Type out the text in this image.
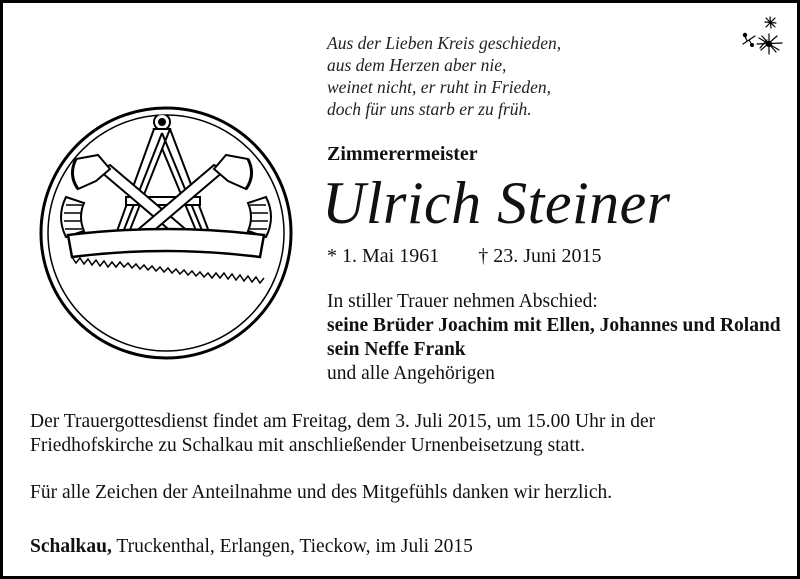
Aus der Lieben Kreis geschieden,
aus dem Herzen aber nie,
weinet nicht, er ruht in Frieden,
doch für uns starb er zu früh.
Zimmerermeister
Ulrich Steiner
* 1. Mai 1961 † 23. Juni 2015
In stiller Trauer nehmen Abschied:
seine Brüder Joachim mit Ellen, Johannes und Roland
sein Neffe Frank
und alle Angehörigen
Der Trauergottesdienst findet am Freitag, dem 3. Juli 2015, um 15.00 Uhr in der
Friedhofskirche zu Schalkau mit anschließender Urnenbeisetzung statt.
Für alle Zeichen der Anteilnahme und des Mitgefühls danken wir herzlich.
Schalkau, Truckenthal, Erlangen, Tieckow, im Juli 2015
